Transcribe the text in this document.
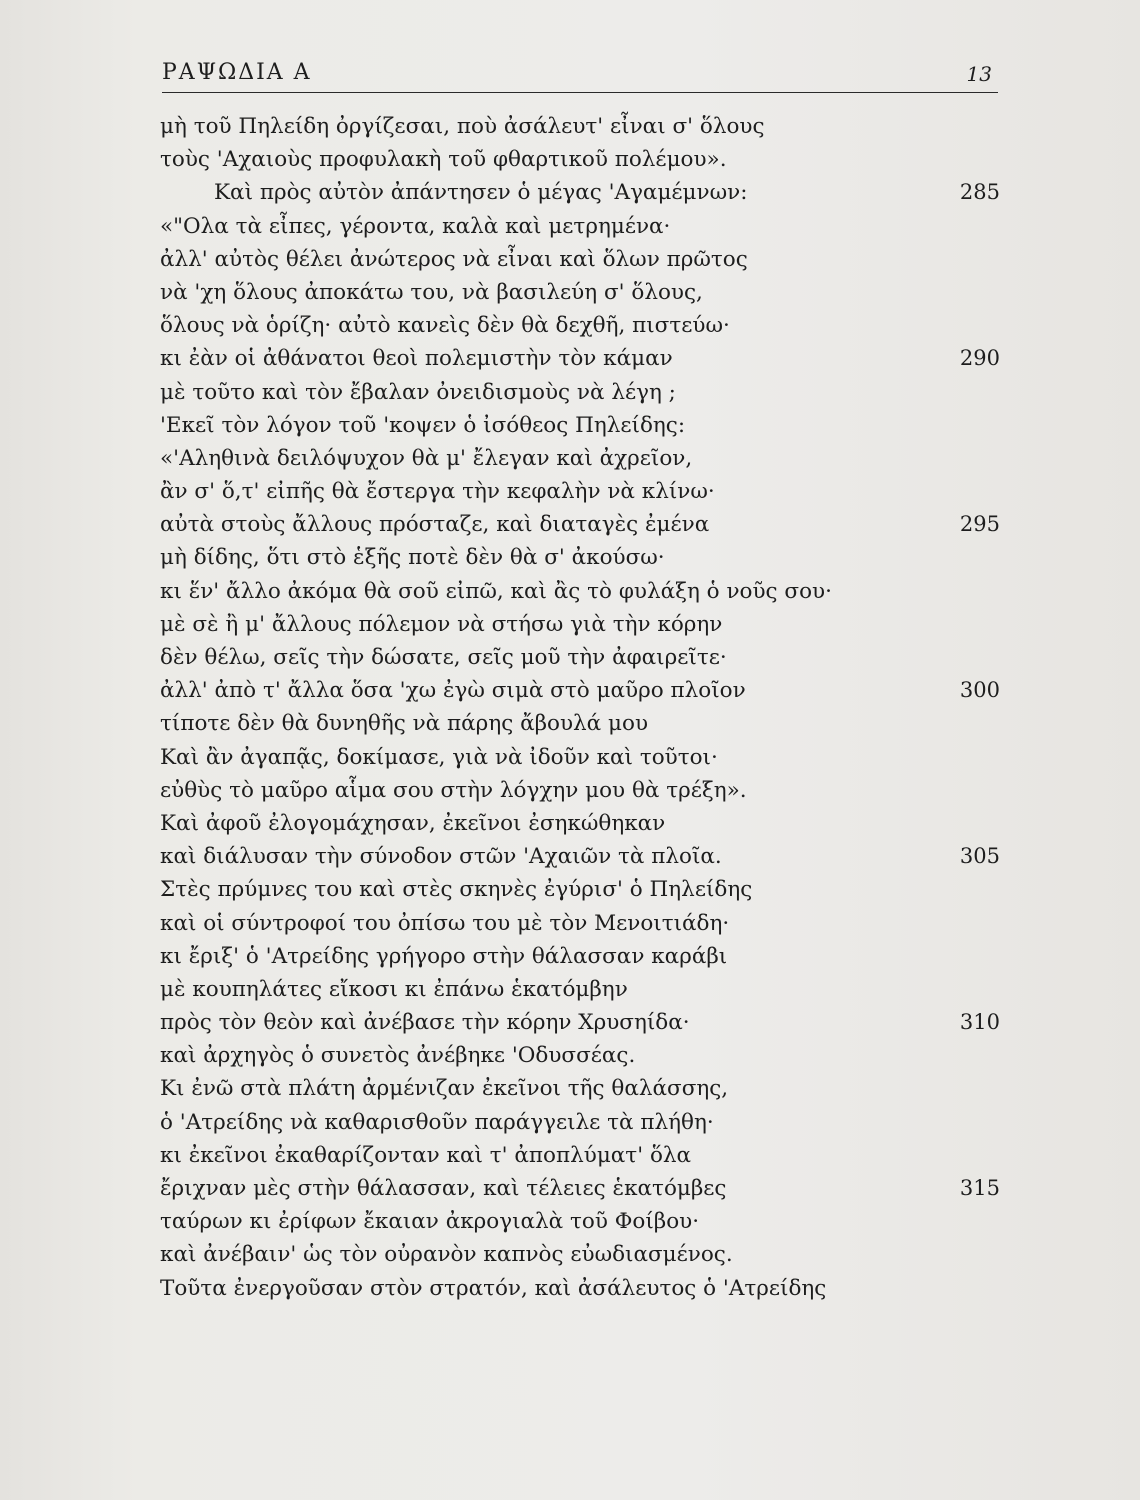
ΡΑΨΩΔΙΑ Α	13
μὴ τοῦ Πηλείδη ὀργίζεσαι, ποὺ ἀσάλευτ' εἶναι σ' ὅλους
τοὺς 'Αχαιοὺς προφυλακὴ τοῦ φθαρτικοῦ πολέμου».
Καὶ πρὸς αὐτὸν ἀπάντησεν ὁ μέγας 'Αγαμέμνων:	285
«"Ολα τὰ εἶπες, γέροντα, καλὰ καὶ μετρημένα·
ἀλλ' αὐτὸς θέλει ἀνώτερος νὰ εἶναι καὶ ὅλων πρῶτος
νὰ 'χη ὅλους ἀποκάτω του, νὰ βασιλεύη σ' ὅλους,
ὅλους νὰ ὁρίζη· αὐτὸ κανεὶς δὲν θὰ δεχθῆ, πιστεύω·
κι ἐὰν οἱ ἀθάνατοι θεοὶ πολεμιστὴν τὸν κάμαν	290
μὲ τοῦτο καὶ τὸν ἔβαλαν ὀνειδισμοὺς νὰ λέγη ;
'Εκεῖ τὸν λόγον τοῦ 'κοψεν ὁ ἰσόθεος Πηλείδης:
«'Αληθινὰ δειλόψυχον θὰ μ' ἔλεγαν καὶ ἀχρεῖον,
ἂν σ' ὅ,τ' εἰπῆς θὰ ἔστεργα τὴν κεφαλὴν νὰ κλίνω·
αὐτὰ στοὺς ἄλλους πρόσταζε, καὶ διαταγὲς ἐμένα	295
μὴ δίδης, ὅτι στὸ ἑξῆς ποτὲ δὲν θὰ σ' ἀκούσω·
κι ἕν' ἄλλο ἀκόμα θὰ σοῦ εἰπῶ, καὶ ἂς τὸ φυλάξη ὁ νοῦς σου·
μὲ σὲ ἢ μ' ἄλλους πόλεμον νὰ στήσω γιὰ τὴν κόρην
δὲν θέλω, σεῖς τὴν δώσατε, σεῖς μοῦ τὴν ἀφαιρεῖτε·
ἀλλ' ἀπὸ τ' ἄλλα ὅσα 'χω ἐγὼ σιμὰ στὸ μαῦρο πλοῖον	300
τίποτε δὲν θὰ δυνηθῆς νὰ πάρης ἄβουλά μου
Καὶ ἂν ἀγαπᾷς, δοκίμασε, γιὰ νὰ ἰδοῦν καὶ τοῦτοι·
εὐθὺς τὸ μαῦρο αἷμα σου στὴν λόγχην μου θὰ τρέξη».
Καὶ ἀφοῦ ἐλογομάχησαν, ἐκεῖνοι ἐσηκώθηκαν
καὶ διάλυσαν τὴν σύνοδον στῶν 'Αχαιῶν τὰ πλοῖα.	305
Στὲς πρύμνες του καὶ στὲς σκηνὲς ἐγύρισ' ὁ Πηλείδης
καὶ οἱ σύντροφοί του ὀπίσω του μὲ τὸν Μενοιτιάδη·
κι ἔριξ' ὁ 'Ατρείδης γρήγορο στὴν θάλασσαν καράβι
μὲ κουπηλάτες εἴκοσι κι ἐπάνω ἑκατόμβην
πρὸς τὸν θεὸν καὶ ἀνέβασε τὴν κόρην Χρυσηίδα·	310
καὶ ἀρχηγὸς ὁ συνετὸς ἀνέβηκε 'Οδυσσέας.
Κι ἐνῶ στὰ πλάτη ἀρμένιζαν ἐκεῖνοι τῆς θαλάσσης,
ὁ 'Ατρείδης νὰ καθαρισθοῦν παράγγειλε τὰ πλήθη·
κι ἐκεῖνοι ἐκαθαρίζονταν καὶ τ' ἀποπλύματ' ὅλα
ἔριχναν μὲς στὴν θάλασσαν, καὶ τέλειες ἑκατόμβες	315
ταύρων κι ἐρίφων ἔκαιαν ἀκρογιαλὰ τοῦ Φοίβου·
καὶ ἀνέβαιν' ὡς τὸν οὐρανὸν καπνὸς εὐωδιασμένος.
Τοῦτα ἐνεργοῦσαν στὸν στρατόν, καὶ ἀσάλευτος ὁ 'Ατρείδης
